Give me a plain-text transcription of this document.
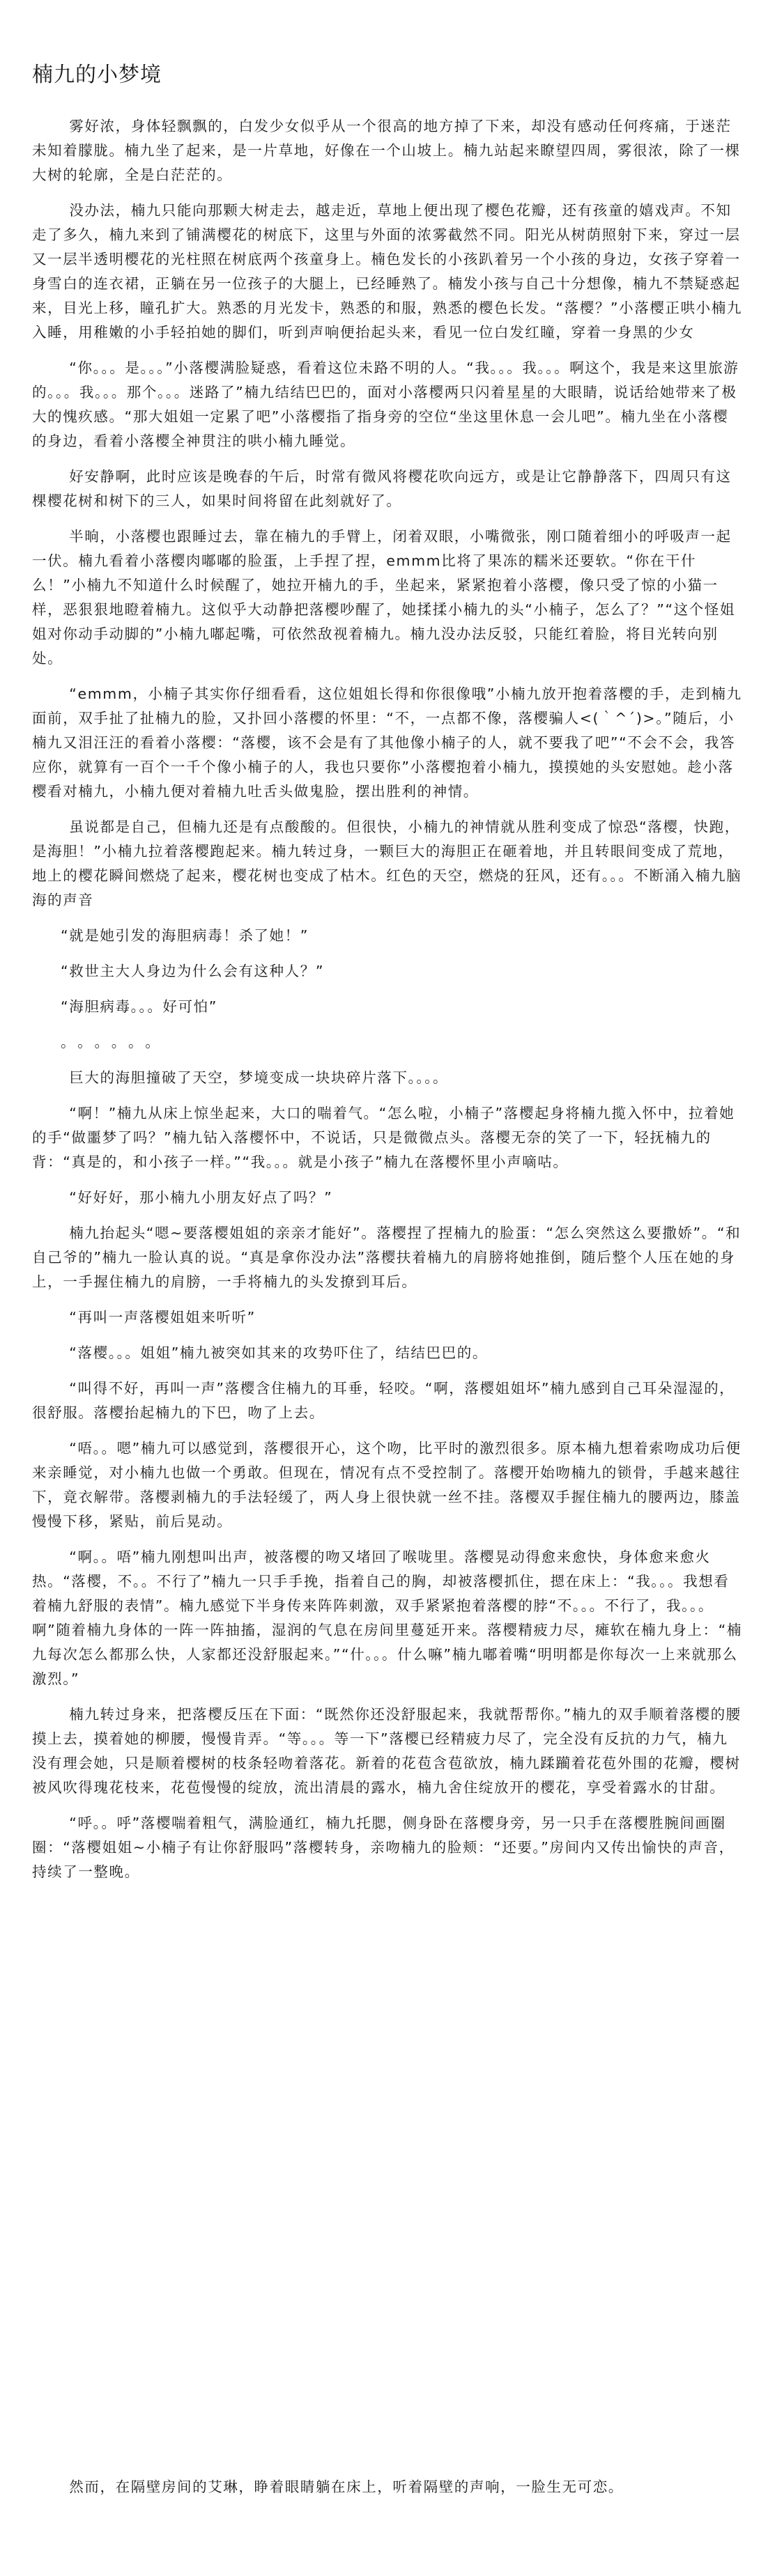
楠九的小梦境

雾好浓，身体轻飘飘的，白发少女似乎从一个很高的地方掉了下来，却没有感动任何疼痛，于迷茫未知着朦胧。楠九坐了起来，是一片草地，好像在一个山坡上。楠九站起来瞭望四周，雾很浓，除了一棵大树的轮廓，全是白茫茫的。

没办法，楠九只能向那颗大树走去，越走近，草地上便出现了樱色花瓣，还有孩童的嬉戏声。不知走了多久，楠九来到了铺满樱花的树底下，这里与外面的浓雾截然不同。阳光从树荫照射下来，穿过一层又一层半透明樱花的光柱照在树底两个孩童身上。楠色发长的小孩趴着另一个小孩的身边，女孩子穿着一身雪白的连衣裙，正躺在另一位孩子的大腿上，已经睡熟了。楠发小孩与自己十分想像，楠九不禁疑惑起来，目光上移，瞳孔扩大。熟悉的月光发卡，熟悉的和服，熟悉的樱色长发。“落樱？”小落樱正哄小楠九入睡，用稚嫩的小手轻拍她的脚们，听到声响便抬起头来，看见一位白发红瞳，穿着一身黑的少女

“你。。。是。。。”小落樱满脸疑惑，看着这位未路不明的人。“我。。。我。。。啊这个，我是来这里旅游的。。。我。。。那个。。。迷路了”楠九结结巴巴的，面对小落樱两只闪着星星的大眼睛，说话给她带来了极大的愧疚感。“那大姐姐一定累了吧”小落樱指了指身旁的空位“坐这里休息一会儿吧”。楠九坐在小落樱的身边，看着小落樱全神贯注的哄小楠九睡觉。

好安静啊，此时应该是晚春的午后，时常有微风将樱花吹向远方，或是让它静静落下，四周只有这棵樱花树和树下的三人，如果时间将留在此刻就好了。

半晌，小落樱也跟睡过去，靠在楠九的手臂上，闭着双眼，小嘴微张，刚口随着细小的呼吸声一起一伏。楠九看着小落樱肉嘟嘟的脸蛋，上手捏了捏，emmm比将了果冻的糯米还要软。“你在干什么！”小楠九不知道什么时候醒了，她拉开楠九的手，坐起来，紧紧抱着小落樱，像只受了惊的小猫一样，恶狠狠地瞪着楠九。这似乎大动静把落樱吵醒了，她揉揉小楠九的头“小楠子，怎么了？”“这个怪姐姐对你动手动脚的”小楠九嘟起嘴，可依然敌视着楠九。楠九没办法反驳，只能红着脸，将目光转向别处。

“emmm，小楠子其实你仔细看看，这位姐姐长得和你很像哦”小楠九放开抱着落樱的手，走到楠九面前，双手扯了扯楠九的脸，又扑回小落樱的怀里：“不，一点都不像，落樱骗人<(｀^´)>。”随后，小楠九又泪汪汪的看着小落樱：“落樱，该不会是有了其他像小楠子的人，就不要我了吧”“不会不会，我答应你，就算有一百个一千个像小楠子的人，我也只要你”小落樱抱着小楠九，摸摸她的头安慰她。趁小落樱看对楠九，小楠九便对着楠九吐舌头做鬼脸，摆出胜利的神情。

虽说都是自己，但楠九还是有点酸酸的。但很快，小楠九的神情就从胜利变成了惊恐“落樱，快跑，是海胆！”小楠九拉着落樱跑起来。楠九转过身，一颗巨大的海胆正在砸着地，并且转眼间变成了荒地，地上的樱花瞬间燃烧了起来，樱花树也变成了枯木。红色的天空，燃烧的狂风，还有。。。不断涌入楠九脑海的声音

“就是她引发的海胆病毒！杀了她！”

“救世主大人身边为什么会有这种人？”

“海胆病毒。。。好可怕”

。。。。。。

巨大的海胆撞破了天空，梦境变成一块块碎片落下。。。。

“啊！”楠九从床上惊坐起来，大口的喘着气。“怎么啦，小楠子”落樱起身将楠九揽入怀中，拉着她的手“做噩梦了吗？”楠九钻入落樱怀中，不说话，只是微微点头。落樱无奈的笑了一下，轻抚楠九的背：“真是的，和小孩子一样。”“我。。。就是小孩子”楠九在落樱怀里小声嘀咕。

“好好好，那小楠九小朋友好点了吗？”

楠九抬起头“嗯~要落樱姐姐的亲亲才能好”。落樱捏了捏楠九的脸蛋：“怎么突然这么要撒娇”。“和自己爷的”楠九一脸认真的说。“真是拿你没办法”落樱扶着楠九的肩膀将她推倒，随后整个人压在她的身上，一手握住楠九的肩膀，一手将楠九的头发撩到耳后。

“再叫一声落樱姐姐来听听”

“落樱。。。姐姐”楠九被突如其来的攻势吓住了，结结巴巴的。

“叫得不好，再叫一声”落樱含住楠九的耳垂，轻咬。“啊，落樱姐姐坏”楠九感到自己耳朵湿湿的，很舒服。落樱抬起楠九的下巴，吻了上去。

“唔。。嗯”楠九可以感觉到，落樱很开心，这个吻，比平时的激烈很多。原本楠九想着索吻成功后便来亲睡觉，对小楠九也做一个勇敢。但现在，情况有点不受控制了。落樱开始吻楠九的锁骨，手越来越往下，竟衣解带。落樱剥楠九的手法轻缓了，两人身上很快就一丝不挂。落樱双手握住楠九的腰两边，膝盖慢慢下移，紧贴，前后晃动。

“啊。。唔”楠九刚想叫出声，被落樱的吻又堵回了喉咙里。落樱晃动得愈来愈快，身体愈来愈火热。“落樱，不。。不行了”楠九一只手手挽，指着自己的胸，却被落樱抓住，摁在床上：“我。。。我想看着楠九舒服的表情”。楠九感觉下半身传来阵阵刺激，双手紧紧抱着落樱的脖“不。。。不行了，我。。。啊”随着楠九身体的一阵一阵抽搐，湿润的气息在房间里蔓延开来。落樱精疲力尽，瘫软在楠九身上：“楠九每次怎么都那么快，人家都还没舒服起来。”“什。。。什么嘛”楠九嘟着嘴“明明都是你每次一上来就那么激烈。”

楠九转过身来，把落樱反压在下面：“既然你还没舒服起来，我就帮帮你。”楠九的双手顺着落樱的腰摸上去，摸着她的柳腰，慢慢肯弄。“等。。。等一下”落樱已经精疲力尽了，完全没有反抗的力气，楠九没有理会她，只是顺着樱树的枝条轻吻着落花。新着的花苞含苞欲放，楠九蹂躏着花苞外围的花瓣，樱树被风吹得瑰花枝来，花苞慢慢的绽放，流出清晨的露水，楠九舍住绽放开的樱花，享受着露水的甘甜。

“呼。。呼”落樱喘着粗气，满脸通红，楠九托腮，侧身卧在落樱身旁，另一只手在落樱胜腕间画圈圈：“落樱姐姐~小楠子有让你舒服吗”落樱转身，亲吻楠九的脸颊：“还要。”房间内又传出愉快的声音，持续了一整晚。

然而，在隔壁房间的艾琳，睁着眼睛躺在床上，听着隔壁的声响，一脸生无可恋。
